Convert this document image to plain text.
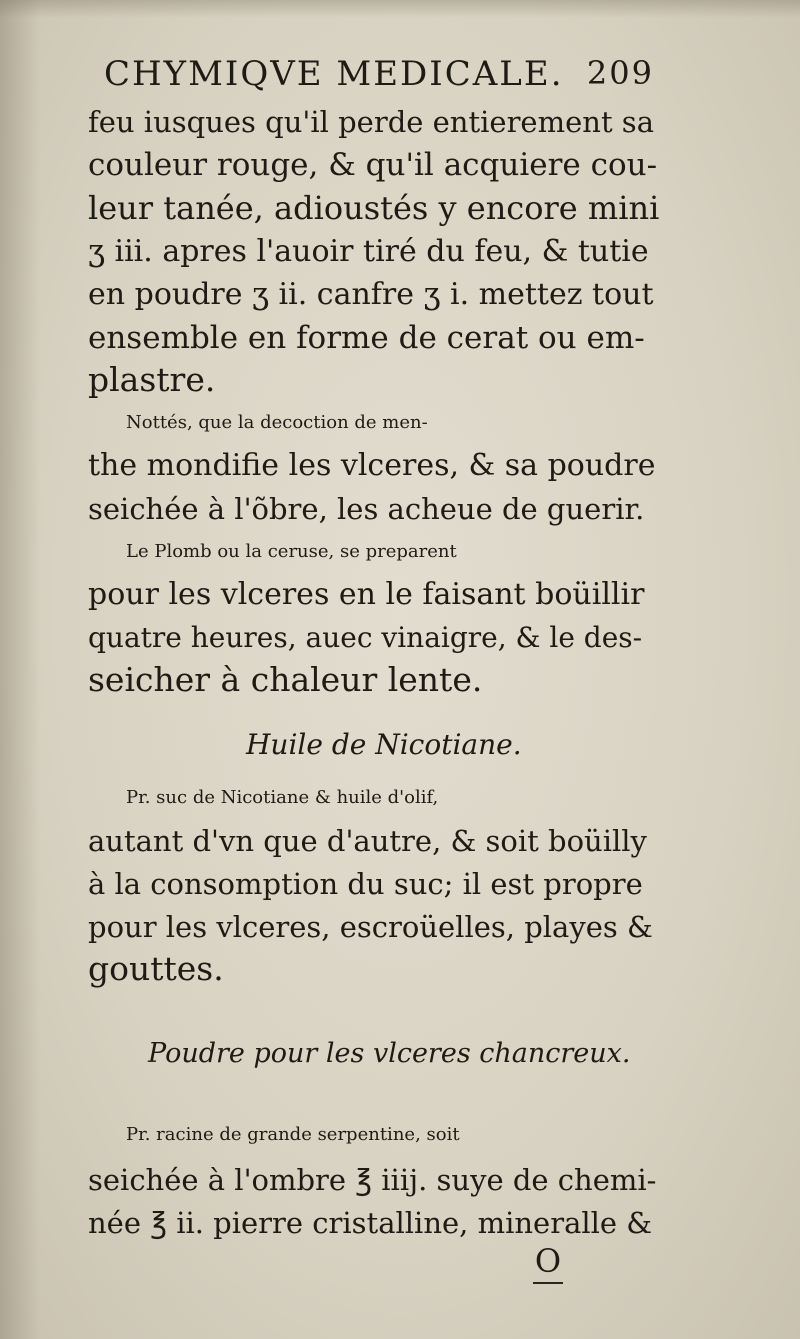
CHYMIQVE MEDICALE. 209
feu iusques qu'il perde entierement sa
couleur rouge, & qu'il acquiere cou-
leur tanée, adioustés y encore mini
ʒ iii. apres l'auoir tiré du feu, & tutie
en poudre ʒ ii. canfre ʒ i. mettez tout
ensemble en forme de cerat ou em-
plastre.
Nottés, que la decoction de men-
the mondifie les vlceres, & sa poudre
seichée à l'õbre, les acheue de guerir.
Le Plomb ou la ceruse, se preparent
pour les vlceres en le faisant boüillir
quatre heures, auec vinaigre, & le des-
seicher à chaleur lente.
Huile de Nicotiane.
Pr. suc de Nicotiane & huile d'olif,
autant d'vn que d'autre, & soit boüilly
à la consomption du suc; il est propre
pour les vlceres, escroüelles, playes &
gouttes.
Poudre pour les vlceres chancreux.
Pr. racine de grande serpentine, soit
seichée à l'ombre ℥ iiij. suye de chemi-
née ℥ ii. pierre cristalline, mineralle &
O
